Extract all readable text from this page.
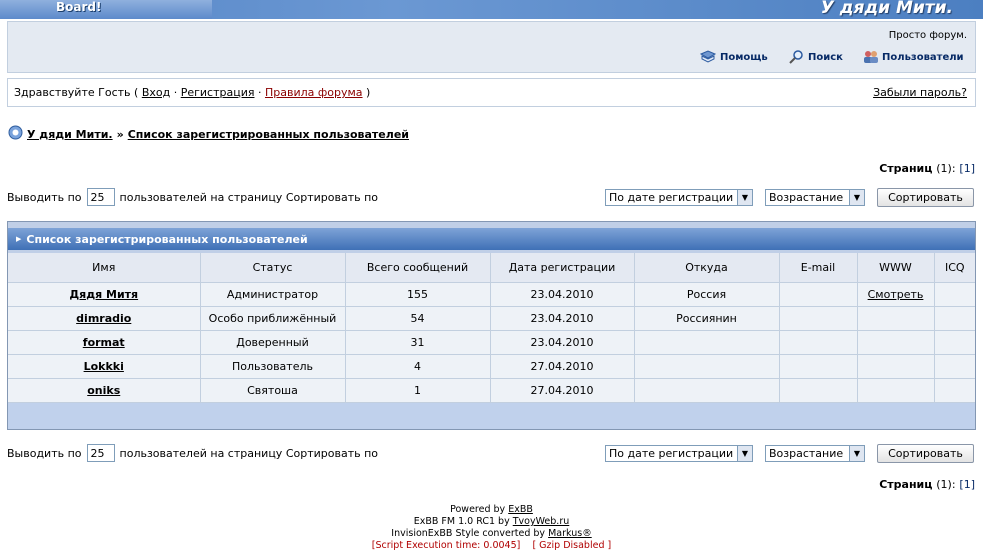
Board!	У дяди Мити.
Просто форум.
Помощь	Поиск	Пользователи
Здравствуйте Гость ( Вход · Регистрация · Правила форума )	Забыли пароль?
У дяди Мити. » Список зарегистрированных пользователей
Страниц (1): [1]
Выводить по
25	пользователей на страницу Сортировать по	По дате регистрации	▼	Возрастание	▼	Сортировать
▶ Список зарегистрированных пользователей
Имя	Статус	Всего сообщений	Дата регистрации	Откуда	E-mail	WWW	ICQ
Дядя Митя	Администратор	155	23.04.2010	Россия		Смотреть	
dimradio	Особо приближённый	54	23.04.2010	Россиянин			
format	Доверенный	31	23.04.2010				
Lokkki	Пользователь	4	27.04.2010				
oniks	Святоша	1	27.04.2010				
Выводить по
25	пользователей на страницу Сортировать по	По дате регистрации	▼	Возрастание	▼	Сортировать
Страниц (1): [1]
Powered by ExBB
ExBB FM 1.0 RC1 by TvoyWeb.ru
InvisionExBB Style converted by Markus®
[Script Execution time: 0.0045] [ Gzip Disabled ]
